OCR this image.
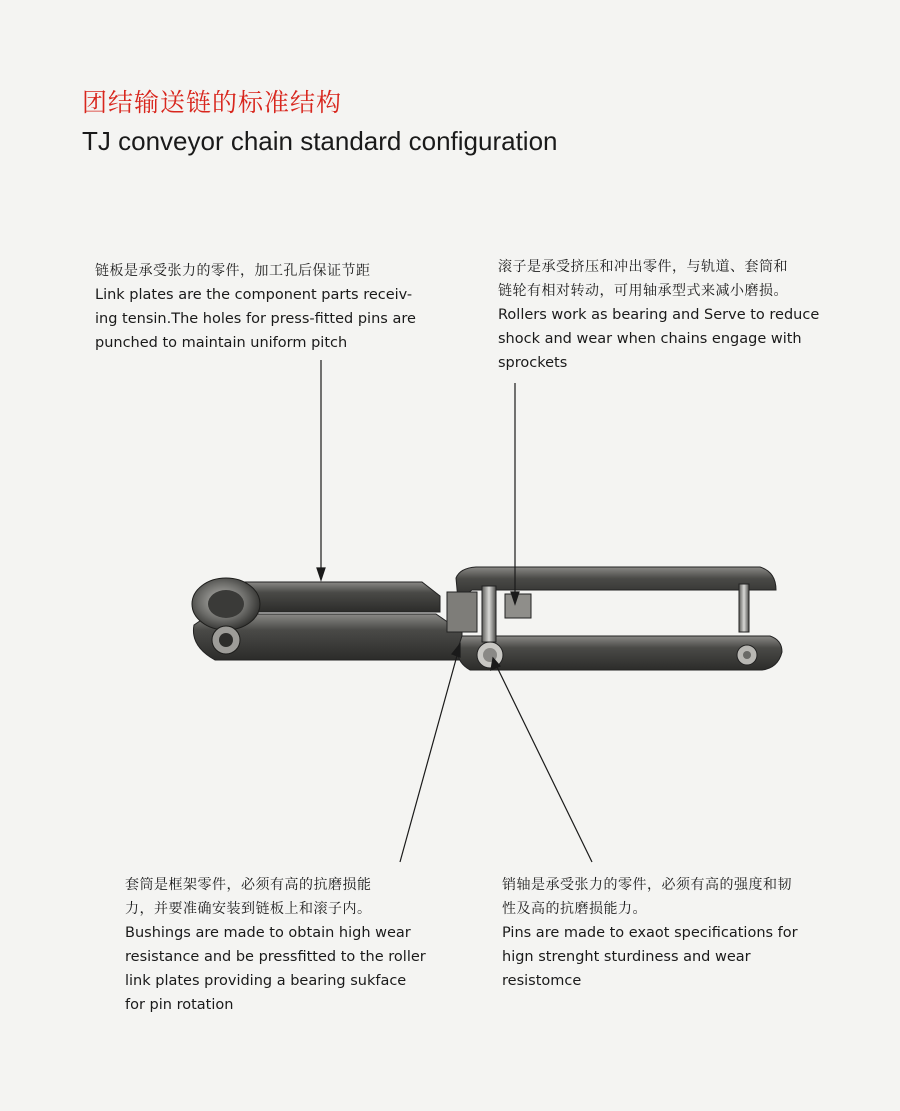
团结输送链的标准结构
TJ conveyor chain standard configuration
链板是承受张力的零件，加工孔后保证节距
Link plates are the component parts receiv-
ing tensin.The holes for press-fitted pins are
punched to maintain uniform pitch
滚子是承受挤压和冲出零件，与轨道、套筒和
链轮有相对转动，可用轴承型式来减小磨损。
Rollers work as bearing and Serve to reduce
shock and wear when chains engage with
sprockets
套筒是框架零件，必须有高的抗磨损能
力，并要准确安装到链板上和滚子内。
Bushings are made to obtain high wear
resistance and be pressfitted to the roller
link plates providing a bearing sukface
for pin rotation
销轴是承受张力的零件，必须有高的强度和韧
性及高的抗磨损能力。
Pins are made to exaot specifications for
hign strenght sturdiness and wear
resistomce
